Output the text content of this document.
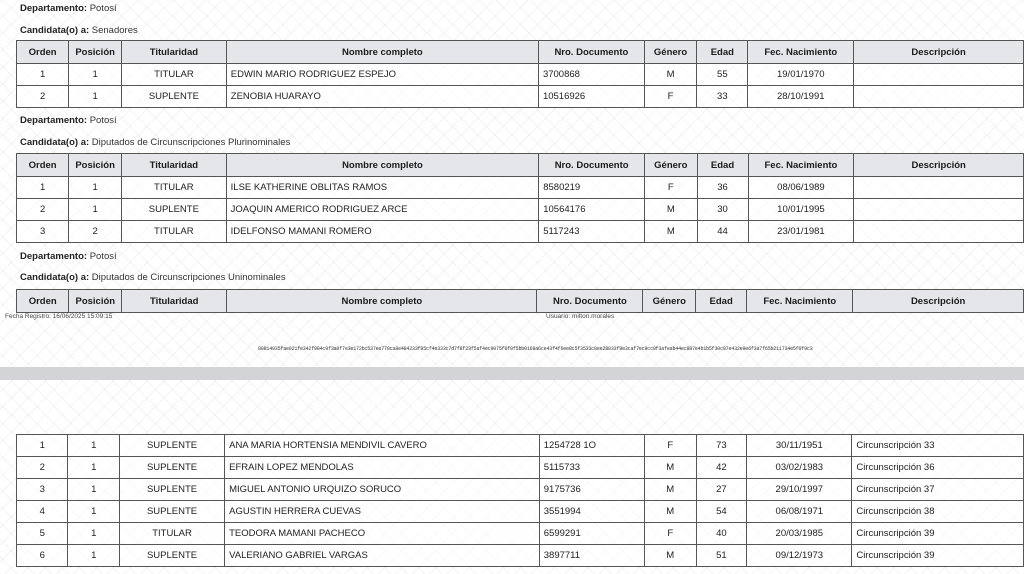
Departamento: Potosí
Candidata(o) a: Senadores
Orden	Posición	Titularidad	Nombre completo	Nro. Documento	Género	Edad	Fec. Nacimiento	Descripción
1	1	TITULAR	EDWIN MARIO RODRIGUEZ ESPEJO	3700868	M	55	19/01/1970	
2	1	SUPLENTE	ZENOBIA HUARAYO	10516926	F	33	28/10/1991	
Departamento: Potosí
Candidata(o) a: Diputados de Circunscripciones Plurinominales
Orden	Posición	Titularidad	Nombre completo	Nro. Documento	Género	Edad	Fec. Nacimiento	Descripción
1	1	TITULAR	ILSE KATHERINE OBLITAS RAMOS	8580219	F	36	08/06/1989	
2	1	SUPLENTE	JOAQUIN AMERICO RODRIGUEZ ARCE	10564176	M	30	10/01/1995	
3	2	TITULAR	IDELFONSO MAMANI ROMERO	5117243	M	44	23/01/1981	
Departamento: Potosí
Candidata(o) a: Diputados de Circunscripciones Uninominales
Orden	Posición	Titularidad	Nombre completo	Nro. Documento	Género	Edad	Fec. Nacimiento	Descripción
Fecha Registro: 16/06/2025 15:09:15	Usuario: milton.morales
80814935fae021fe342f904c9f3a0f7e3e172bc537ee770ca8e484233f95cf4e333c7d7f8f23f5af4ec9075f0f0f5bb0169a6ce43f4f6ee8c5f3533c8ee28033f9e3caf7ec9cc0f3afeab44ec887e4b1b5f30c97e432e9e6f3a7f65b211734e5f0f9c3
1	1	SUPLENTE	ANA MARIA HORTENSIA MENDIVIL CAVERO	1254728 1O	F	73	30/11/1951	Circunscripción 33
2	1	SUPLENTE	EFRAIN LOPEZ MENDOLAS	5115733	M	42	03/02/1983	Circunscripción 36
3	1	SUPLENTE	MIGUEL ANTONIO URQUIZO SORUCO	9175736	M	27	29/10/1997	Circunscripción 37
4	1	SUPLENTE	AGUSTIN HERRERA CUEVAS	3551994	M	54	06/08/1971	Circunscripción 38
5	1	TITULAR	TEODORA MAMANI PACHECO	6599291	F	40	20/03/1985	Circunscripción 39
6	1	SUPLENTE	VALERIANO GABRIEL VARGAS	3897711	M	51	09/12/1973	Circunscripción 39
